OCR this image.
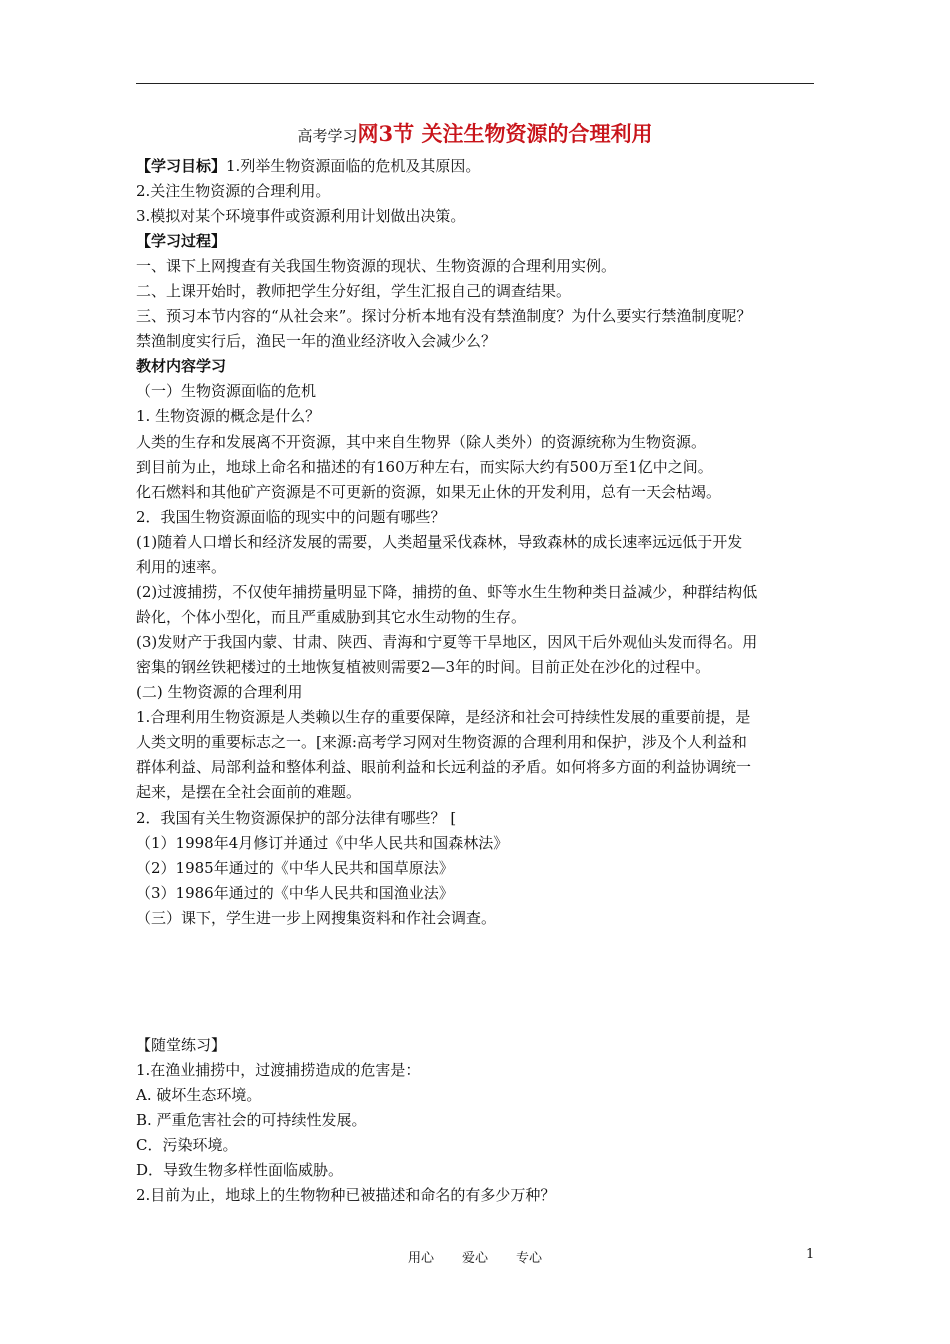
高考学习网3节 关注生物资源的合理利用
【学习目标】1.列举生物资源面临的危机及其原因。
2.关注生物资源的合理利用。
3.模拟对某个环境事件或资源利用计划做出决策。
【学习过程】
一、课下上网搜查有关我国生物资源的现状、生物资源的合理利用实例。
二、上课开始时，教师把学生分好组，学生汇报自己的调查结果。
三、预习本节内容的“从社会来”。探讨分析本地有没有禁渔制度？为什么要实行禁渔制度呢？
禁渔制度实行后，渔民一年的渔业经济收入会减少么？
教材内容学习
（一）生物资源面临的危机
1. 生物资源的概念是什么？
人类的生存和发展离不开资源，其中来自生物界（除人类外）的资源统称为生物资源。
到目前为止，地球上命名和描述的有160万种左右，而实际大约有500万至1亿中之间。
化石燃料和其他矿产资源是不可更新的资源，如果无止休的开发利用，总有一天会枯竭。
2．我国生物资源面临的现实中的问题有哪些？
(1)随着人口增长和经济发展的需要，人类超量采伐森林，导致森林的成长速率远远低于开发
利用的速率。
(2)过渡捕捞，不仅使年捕捞量明显下降，捕捞的鱼、虾等水生生物种类日益减少，种群结构低
龄化，个体小型化，而且严重威胁到其它水生动物的生存。
(3)发财产于我国内蒙、甘肃、陕西、青海和宁夏等干旱地区，因风干后外观仙头发而得名。用
密集的钢丝铁耙楼过的土地恢复植被则需要2—3年的时间。目前正处在沙化的过程中。
(二) 生物资源的合理利用
1.合理利用生物资源是人类赖以生存的重要保障，是经济和社会可持续性发展的重要前提，是
人类文明的重要标志之一。[来源:高考学习网对生物资源的合理利用和保护，涉及个人利益和
群体利益、局部利益和整体利益、眼前利益和长远利益的矛盾。如何将多方面的利益协调统一
起来，是摆在全社会面前的难题。
2．我国有关生物资源保护的部分法律有哪些？ [
（1）1998年4月修订并通过《中华人民共和国森林法》
（2）1985年通过的《中华人民共和国草原法》
（3）1986年通过的《中华人民共和国渔业法》
（三）课下，学生进一步上网搜集资料和作社会调查。
【随堂练习】
1.在渔业捕捞中，过渡捕捞造成的危害是：
A. 破坏生态环境。
B. 严重危害社会的可持续性发展。
C．污染环境。
D．导致生物多样性面临威胁。
2.目前为止，地球上的生物物种已被描述和命名的有多少万种？
用心 爱心 专心	1
